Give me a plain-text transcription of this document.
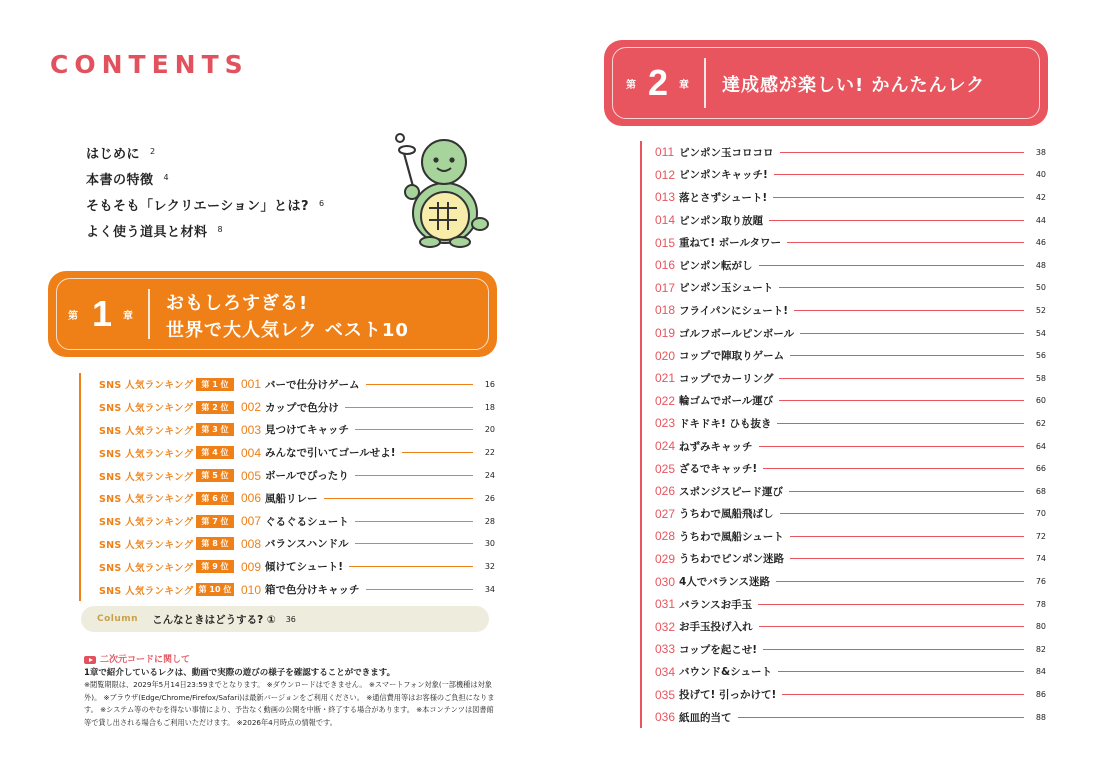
CONTENTS
はじめに 2
本書の特徴 4
そもそも「レクリエーション」とは? 6
よく使う道具と材料 8
第 1 章
おもしろすぎる!
世界で大人気レク ベスト10
SNS 人気ランキング 第 1 位	001 バーで仕分けゲーム	16
SNS 人気ランキング 第 2 位	002 カップで色分け	18
SNS 人気ランキング 第 3 位	003 見つけてキャッチ	20
SNS 人気ランキング 第 4 位	004 みんなで引いてゴールせよ!	22
SNS 人気ランキング 第 5 位	005 ボールでぴったり	24
SNS 人気ランキング 第 6 位	006 風船リレー	26
SNS 人気ランキング 第 7 位	007 ぐるぐるシュート	28
SNS 人気ランキング 第 8 位	008 バランスハンドル	30
SNS 人気ランキング 第 9 位	009 傾けてシュート!	32
SNS 人気ランキング 第 10 位 010 箱で色分けキャッチ	34
Column こんなときはどうする? ① 36
二次元コードに関して
1章で紹介しているレクは、動画で実際の遊びの様子を確認することができます。
※閲覧期限は、2029年5月14日23:59までとなります。 ※ダウンロードはできません。 ※スマートフォン対象(一部機種は対象外)。 ※ブラウザ(Edge/Chrome/Firefox/Safari)は最新バージョンをご利用ください。 ※通信費用等はお客様のご負担になります。 ※システム等のやむを得ない事情により、予告なく動画の公開を中断・終了する場合があります。 ※本コンテンツは図書館等で貸し出される場合もご利用いただけます。 ※2026年4月時点の情報です。
第 2 章 達成感が楽しい! かんたんレク
011 ピンポン玉コロコロ	38
012 ピンポンキャッチ!	40
013 落とさずシュート!	42
014 ピンポン取り放題	44
015 重ねて! ボールタワー	46
016 ピンポン転がし	48
017 ピンポン玉シュート	50
018 フライパンにシュート!	52
019 ゴルフボールピンボール	54
020 コップで陣取りゲーム	56
021 コップでカーリング	58
022 輪ゴムでボール運び	60
023 ドキドキ! ひも抜き	62
024 ねずみキャッチ	64
025 ざるでキャッチ!	66
026 スポンジスピード運び	68
027 うちわで風船飛ばし	70
028 うちわで風船シュート	72
029 うちわでピンポン迷路	74
030 4人でバランス迷路	76
031 バランスお手玉	78
032 お手玉投げ入れ	80
033 コップを起こせ!	82
034 バウンド&シュート	84
035 投げて! 引っかけて!	86
036 紙皿的当て	88
